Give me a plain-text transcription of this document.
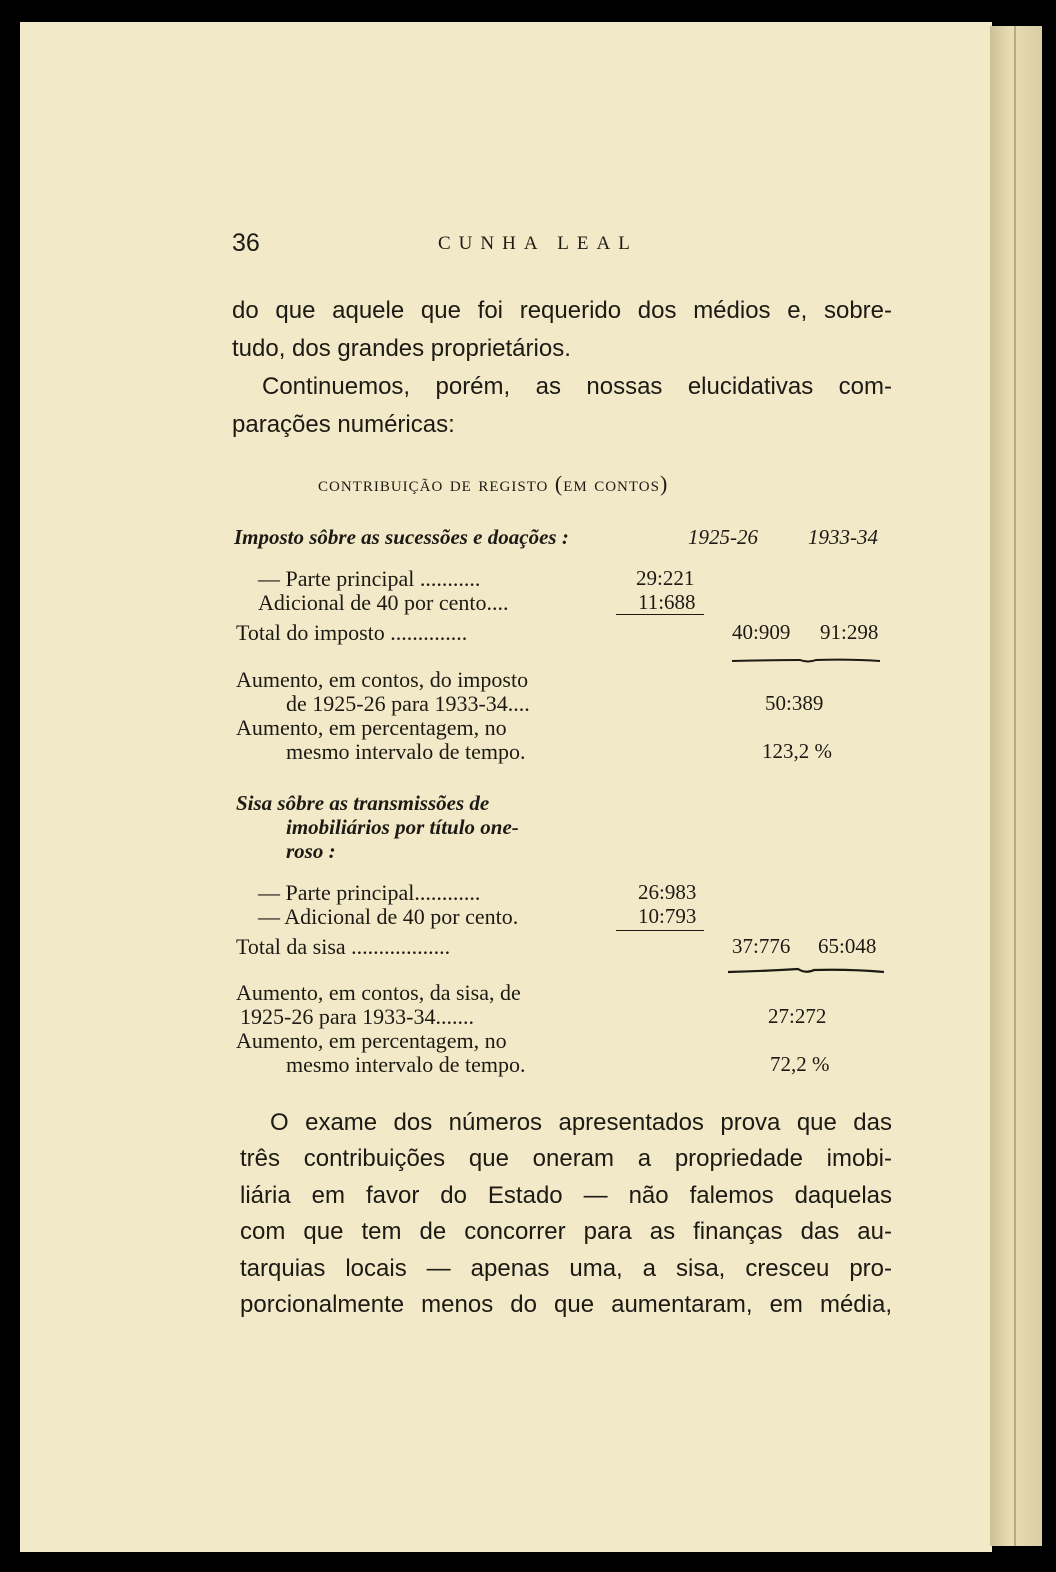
36	CUNHA LEAL
do que aquele que foi requerido dos médios e, sobre-
tudo, dos grandes proprietários.
Continuemos, porém, as nossas elucidativas com-
parações numéricas:
contribuição de registo (em contos)
Imposto sôbre as sucessões e doações :	1925-26 1933-34
— Parte principal ...........	29:221
Adicional de 40 por cento....	11:688
Total do imposto ..............	40:909 91:298
Aumento, em contos, do imposto
de 1925-26 para 1933-34....	50:389
Aumento, em percentagem, no
mesmo intervalo de tempo.	123,2 %
Sisa sôbre as transmissões de
imobiliários por título one-
roso :
— Parte principal............	26:983
— Adicional de 40 por cento.	10:793
Total da sisa ..................	37:776 65:048
Aumento, em contos, da sisa, de
1925-26 para 1933-34.......	27:272
Aumento, em percentagem, no
mesmo intervalo de tempo.	72,2 %
O exame dos números apresentados prova que das
três contribuições que oneram a propriedade imobi-
liária em favor do Estado — não falemos daquelas
com que tem de concorrer para as finanças das au-
tarquias locais — apenas uma, a sisa, cresceu pro-
porcionalmente menos do que aumentaram, em média,
